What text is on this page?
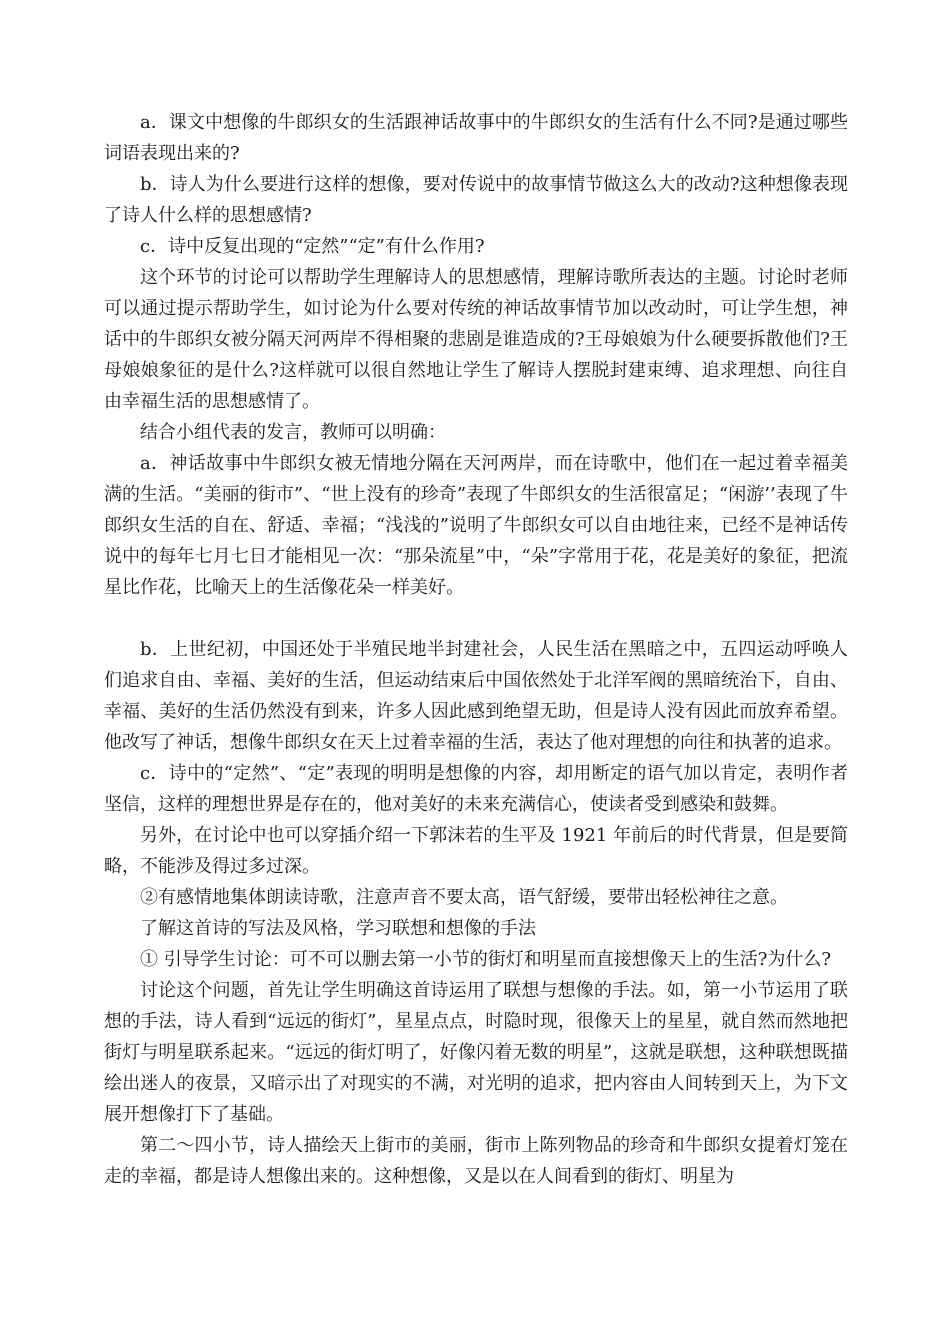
a．课文中想像的牛郎织女的生活跟神话故事中的牛郎织女的生活有什么不同?是通过哪些词语表现出来的?

b．诗人为什么要进行这样的想像，要对传说中的故事情节做这么大的改动?这种想像表现了诗人什么样的思想感情?

c．诗中反复出现的“定然”“定”有什么作用?

这个环节的讨论可以帮助学生理解诗人的思想感情，理解诗歌所表达的主题。讨论时老师可以通过提示帮助学生，如讨论为什么要对传统的神话故事情节加以改动时，可让学生想，神话中的牛郎织女被分隔天河两岸不得相聚的悲剧是谁造成的?王母娘娘为什么硬要拆散他们?王母娘娘象征的是什么?这样就可以很自然地让学生了解诗人摆脱封建束缚、追求理想、向往自由幸福生活的思想感情了。

结合小组代表的发言，教师可以明确：

a．神话故事中牛郎织女被无情地分隔在天河两岸，而在诗歌中，他们在一起过着幸福美满的生活。“美丽的街市”、“世上没有的珍奇”表现了牛郎织女的生活很富足；“闲游’’表现了牛郎织女生活的自在、舒适、幸福；“浅浅的”说明了牛郎织女可以自由地往来，已经不是神话传说中的每年七月七日才能相见一次：“那朵流星”中，“朵”字常用于花，花是美好的象征，把流星比作花，比喻天上的生活像花朵一样美好。

b．上世纪初，中国还处于半殖民地半封建社会，人民生活在黑暗之中，五四运动呼唤人们追求自由、幸福、美好的生活，但运动结束后中国依然处于北洋军阀的黑暗统治下，自由、幸福、美好的生活仍然没有到来，许多人因此感到绝望无助，但是诗人没有因此而放弃希望。他改写了神话，想像牛郎织女在天上过着幸福的生活，表达了他对理想的向往和执著的追求。

c．诗中的“定然”、“定”表现的明明是想像的内容，却用断定的语气加以肯定，表明作者坚信，这样的理想世界是存在的，他对美好的未来充满信心，使读者受到感染和鼓舞。

另外，在讨论中也可以穿插介绍一下郭沫若的生平及 1921 年前后的时代背景，但是要简略，不能涉及得过多过深。

②有感情地集体朗读诗歌，注意声音不要太高，语气舒缓，要带出轻松神往之意。

了解这首诗的写法及风格，学习联想和想像的手法

① 引导学生讨论：可不可以删去第一小节的街灯和明星而直接想像天上的生活?为什么?

讨论这个问题，首先让学生明确这首诗运用了联想与想像的手法。如，第一小节运用了联想的手法，诗人看到“远远的街灯”，星星点点，时隐时现，很像天上的星星，就自然而然地把街灯与明星联系起来。“远远的街灯明了，好像闪着无数的明星”，这就是联想，这种联想既描绘出迷人的夜景，又暗示出了对现实的不满，对光明的追求，把内容由人间转到天上，为下文展开想像打下了基础。

第二～四小节，诗人描绘天上街市的美丽，街市上陈列物品的珍奇和牛郎织女提着灯笼在走的幸福，都是诗人想像出来的。这种想像，又是以在人间看到的街灯、明星为
